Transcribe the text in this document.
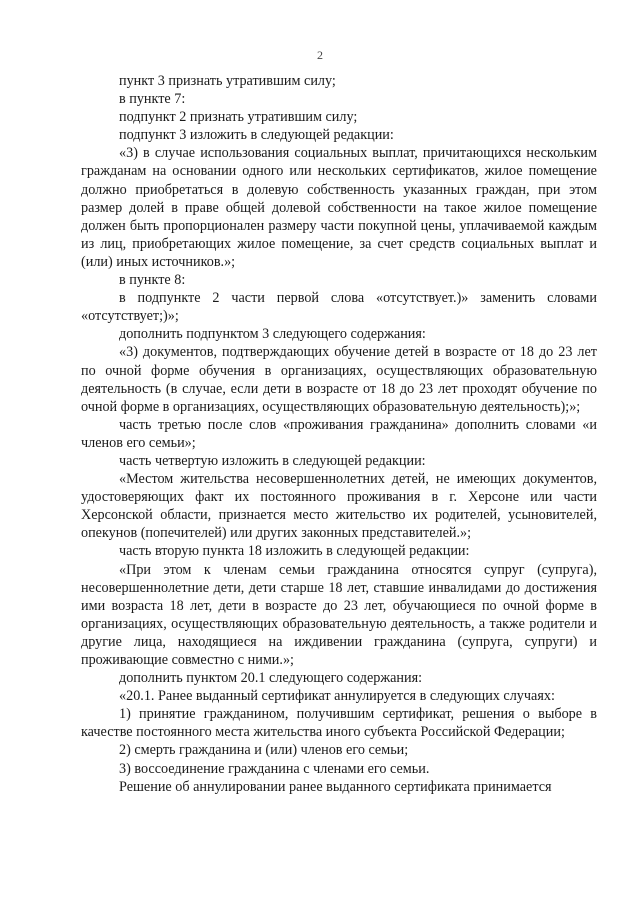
2

пункт 3 признать утратившим силу;

в пункте 7:

подпункт 2 признать утратившим силу;

подпункт 3 изложить в следующей редакции:

«3) в случае использования социальных выплат, причитающихся нескольким гражданам на основании одного или нескольких сертификатов, жилое помещение должно приобретаться в долевую собственность указанных граждан, при этом размер долей в праве общей долевой собственности на такое жилое помещение должен быть пропорционален размеру части покупной цены, уплачиваемой каждым из лиц, приобретающих жилое помещение, за счет средств социальных выплат и (или) иных источников.»;

в пункте 8:

в подпункте 2 части первой слова «отсутствует.)» заменить словами «отсутствует;)»;

дополнить подпунктом 3 следующего содержания:

«3) документов, подтверждающих обучение детей в возрасте от 18 до 23 лет по очной форме обучения в организациях, осуществляющих образовательную деятельность (в случае, если дети в возрасте от 18 до 23 лет проходят обучение по очной форме в организациях, осуществляющих образовательную деятельность);»;

часть третью после слов «проживания гражданина» дополнить словами «и членов его семьи»;

часть четвертую изложить в следующей редакции:

«Местом жительства несовершеннолетних детей, не имеющих документов, удостоверяющих факт их постоянного проживания в г. Херсоне или части Херсонской области, признается место жительство их родителей, усыновителей, опекунов (попечителей) или других законных представителей.»;

часть вторую пункта 18 изложить в следующей редакции:

«При этом к членам семьи гражданина относятся супруг (супруга), несовершеннолетние дети, дети старше 18 лет, ставшие инвалидами до достижения ими возраста 18 лет, дети в возрасте до 23 лет, обучающиеся по очной форме в организациях, осуществляющих образовательную деятельность, а также родители и другие лица, находящиеся на иждивении гражданина (супруга, супруги) и проживающие совместно с ними.»;

дополнить пунктом 20.1 следующего содержания:

«20.1. Ранее выданный сертификат аннулируется в следующих случаях:

1) принятие гражданином, получившим сертификат, решения о выборе в качестве постоянного места жительства иного субъекта Российской Федерации;

2) смерть гражданина и (или) членов его семьи;

3) воссоединение гражданина с членами его семьи.

Решение об аннулировании ранее выданного сертификата принимается
